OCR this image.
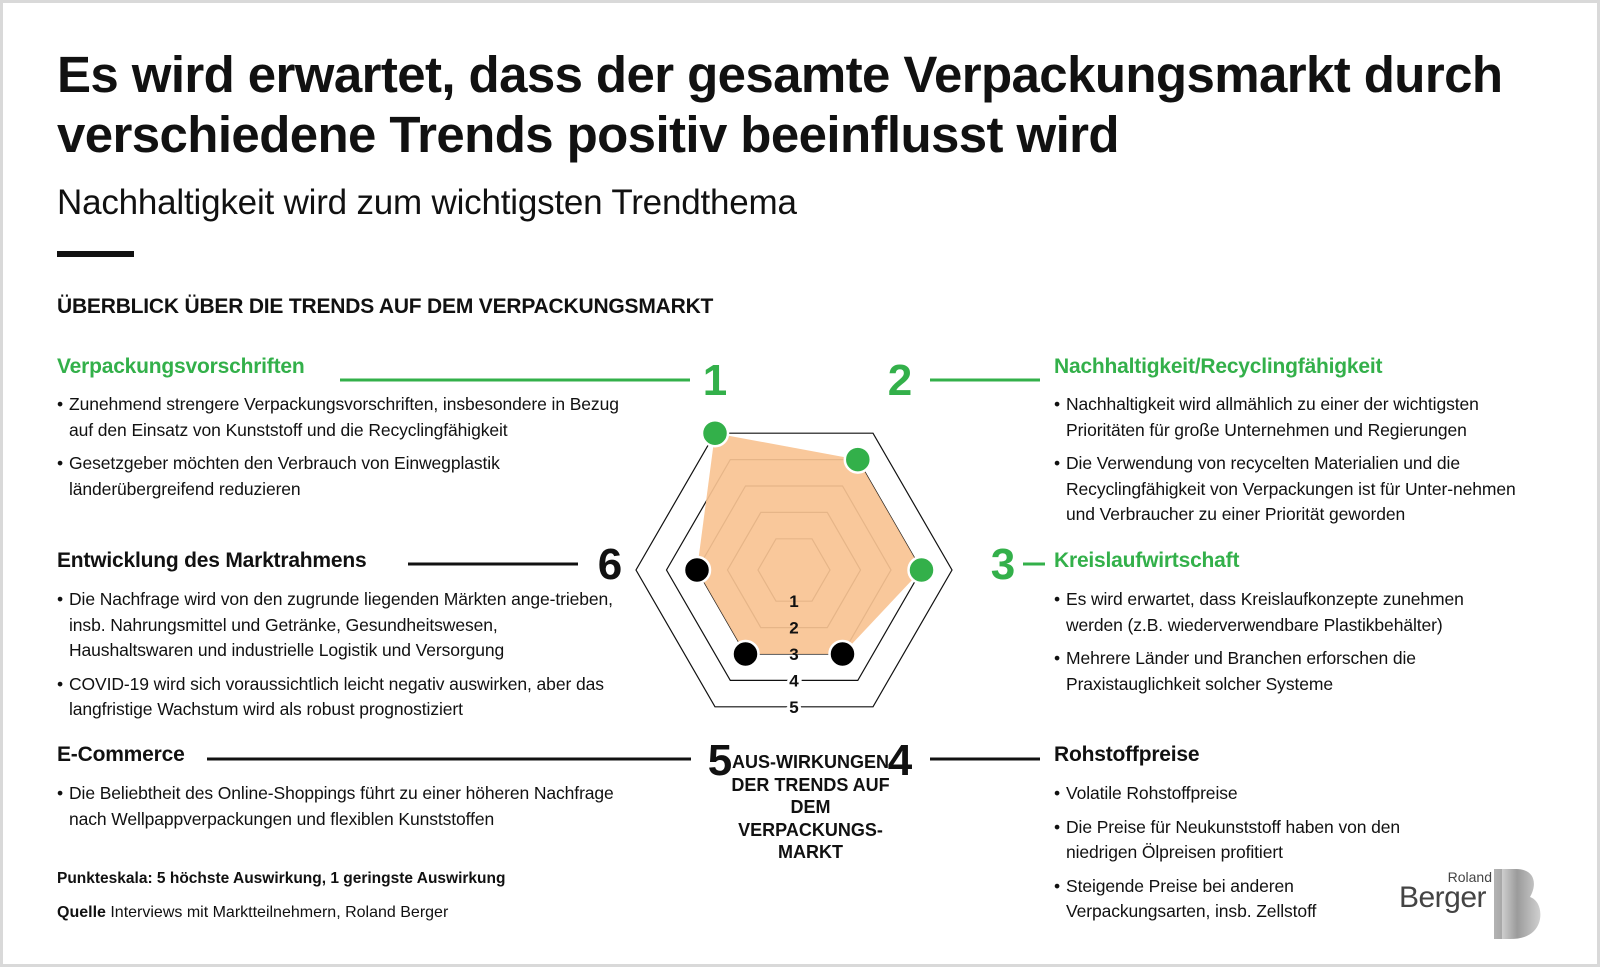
Es wird erwartet, dass der gesamte Verpackungsmarkt durch verschiedene Trends positiv beeinflusst wird
Nachhaltigkeit wird zum wichtigsten Trendthema
ÜBERBLICK ÜBER DIE TRENDS AUF DEM VERPACKUNGSMARKT
1
2
3
4
5
1	2
3
4
5
6
Verpackungsvorschriften
• Zunehmend strengere Verpackungsvorschriften, insbesondere in Bezug auf den Einsatz von Kunststoff und die Recyclingfähigkeit
• Gesetzgeber möchten den Verbrauch von Einwegplastik länderübergreifend reduzieren
Nachhaltigkeit/Recyclingfähigkeit
• Nachhaltigkeit wird allmählich zu einer der wichtigsten Prioritäten für große Unternehmen und Regierungen
• Die Verwendung von recycelten Materialien und die Recyclingfähigkeit von Verpackungen ist für Unter-nehmen und Verbraucher zu einer Priorität geworden
Kreislaufwirtschaft
• Es wird erwartet, dass Kreislaufkonzepte zunehmen werden (z.B. wiederverwendbare Plastikbehälter)
• Mehrere Länder und Branchen erforschen die Praxistauglichkeit solcher Systeme
Entwicklung des Marktrahmens
• Die Nachfrage wird von den zugrunde liegenden Märkten ange-trieben, insb. Nahrungsmittel und Getränke, Gesundheitswesen, Haushaltswaren und industrielle Logistik und Versorgung
• COVID-19 wird sich voraussichtlich leicht negativ auswirken, aber das langfristige Wachstum wird als robust prognostiziert
E-Commerce
• Die Beliebtheit des Online-Shoppings führt zu einer höheren Nachfrage nach Wellpappverpackungen und flexiblen Kunststoffen
Rohstoffpreise
• Volatile Rohstoffpreise
• Die Preise für Neukunststoff haben von den niedrigen Ölpreisen profitiert
• Steigende Preise bei anderen Verpackungsarten, insb. Zellstoff
AUS-WIRKUNGEN DER TRENDS AUF DEM VERPACKUNGS-MARKT

Punkteskala: 5 höchste Auswirkung, 1 geringste Auswirkung

Quelle Interviews mit Marktteilnehmern, Roland Berger

Roland
Berger
